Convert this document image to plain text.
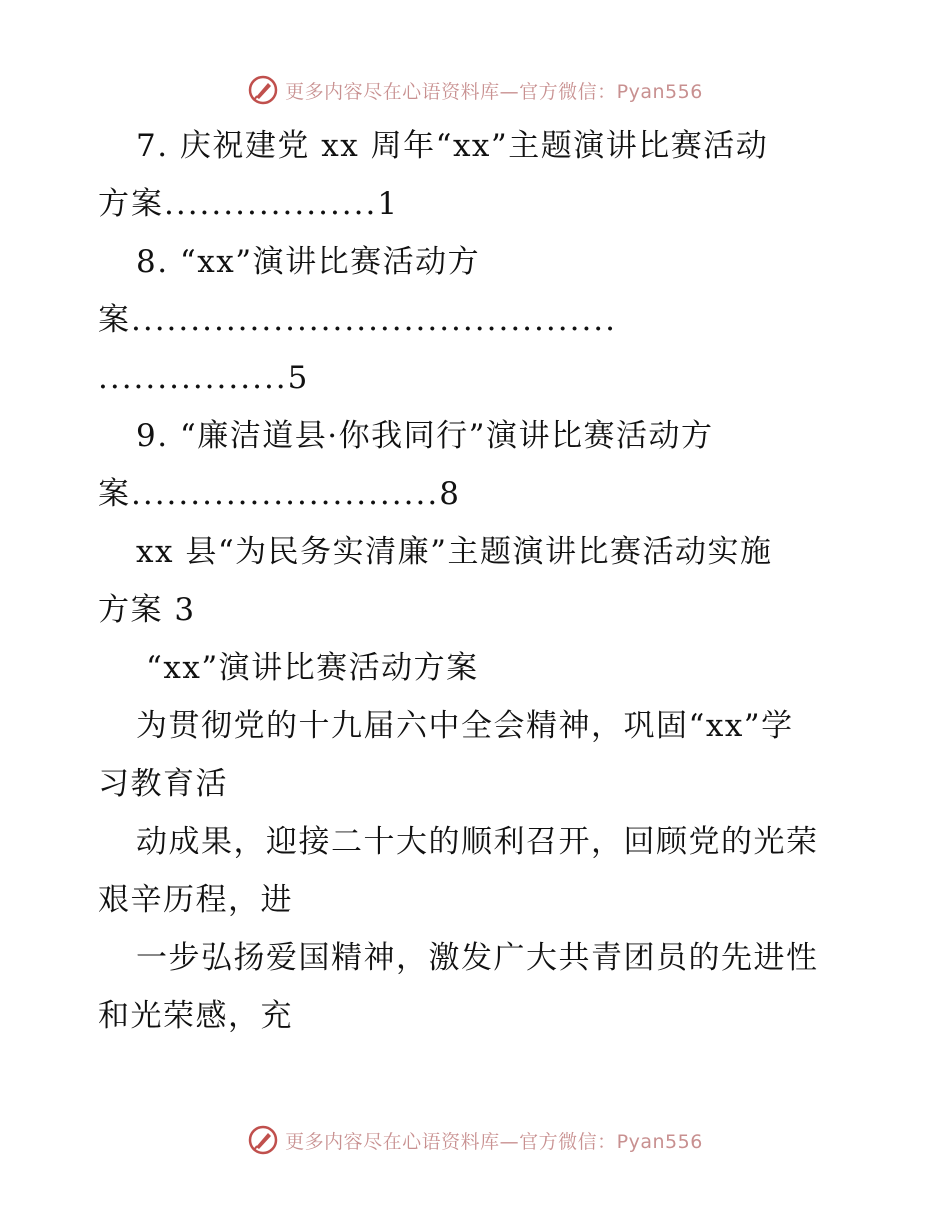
更多内容尽在心语资料库—官方微信：Pyan556
7. 庆祝建党 xx 周年“xx”主题演讲比赛活动
方案..................1
8. “xx”演讲比赛活动方
案.........................................
................5
9. “廉洁道县·你我同行”演讲比赛活动方
案..........................8
xx 县“为民务实清廉”主题演讲比赛活动实施
方案 3
“xx”演讲比赛活动方案
为贯彻党的十九届六中全会精神，巩固“xx”学
习教育活
动成果，迎接二十大的顺利召开，回顾党的光荣
艰辛历程，进
一步弘扬爱国精神，激发广大共青团员的先进性
和光荣感，充
更多内容尽在心语资料库—官方微信：Pyan556
